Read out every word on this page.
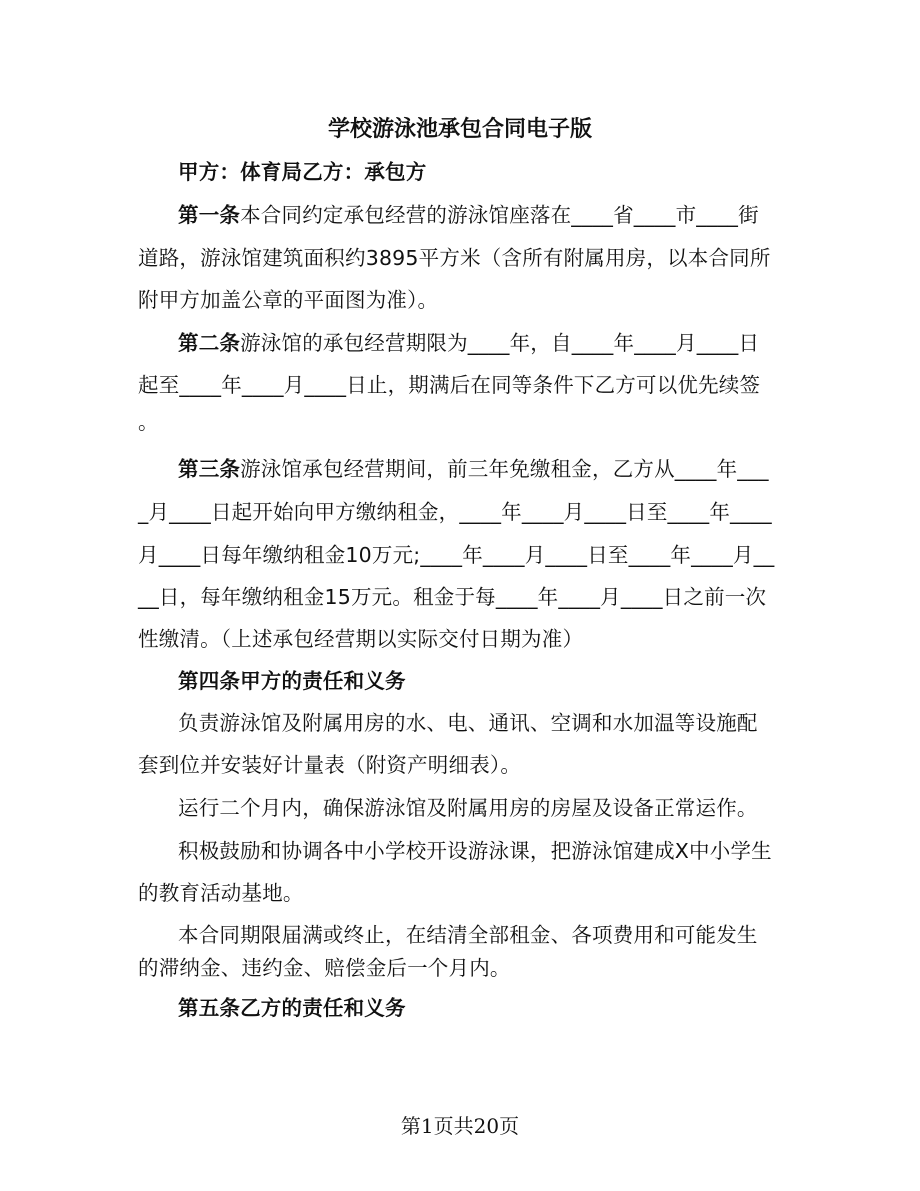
学校游泳池承包合同电子版
甲方：体育局乙方：承包方
第一条本合同约定承包经营的游泳馆座落在____省____市____街
道路，游泳馆建筑面积约3895平方米（含所有附属用房，以本合同所
附甲方加盖公章的平面图为准）。
第二条游泳馆的承包经营期限为____年，自____年____月____日
起至____年____月____日止，期满后在同等条件下乙方可以优先续签
。
第三条游泳馆承包经营期间，前三年免缴租金，乙方从____年___
_月____日起开始向甲方缴纳租金，____年____月____日至____年____
月____日每年缴纳租金10万元;____年____月____日至____年____月__
__日，每年缴纳租金15万元。租金于每____年____月____日之前一次
性缴清。（上述承包经营期以实际交付日期为准）
第四条甲方的责任和义务
负责游泳馆及附属用房的水、电、通讯、空调和水加温等设施配
套到位并安装好计量表（附资产明细表）。
运行二个月内，确保游泳馆及附属用房的房屋及设备正常运作。
积极鼓励和协调各中小学校开设游泳课，把游泳馆建成X中小学生
的教育活动基地。
本合同期限届满或终止，在结清全部租金、各项费用和可能发生
的滞纳金、违约金、赔偿金后一个月内。
第五条乙方的责任和义务
第1页共20页
